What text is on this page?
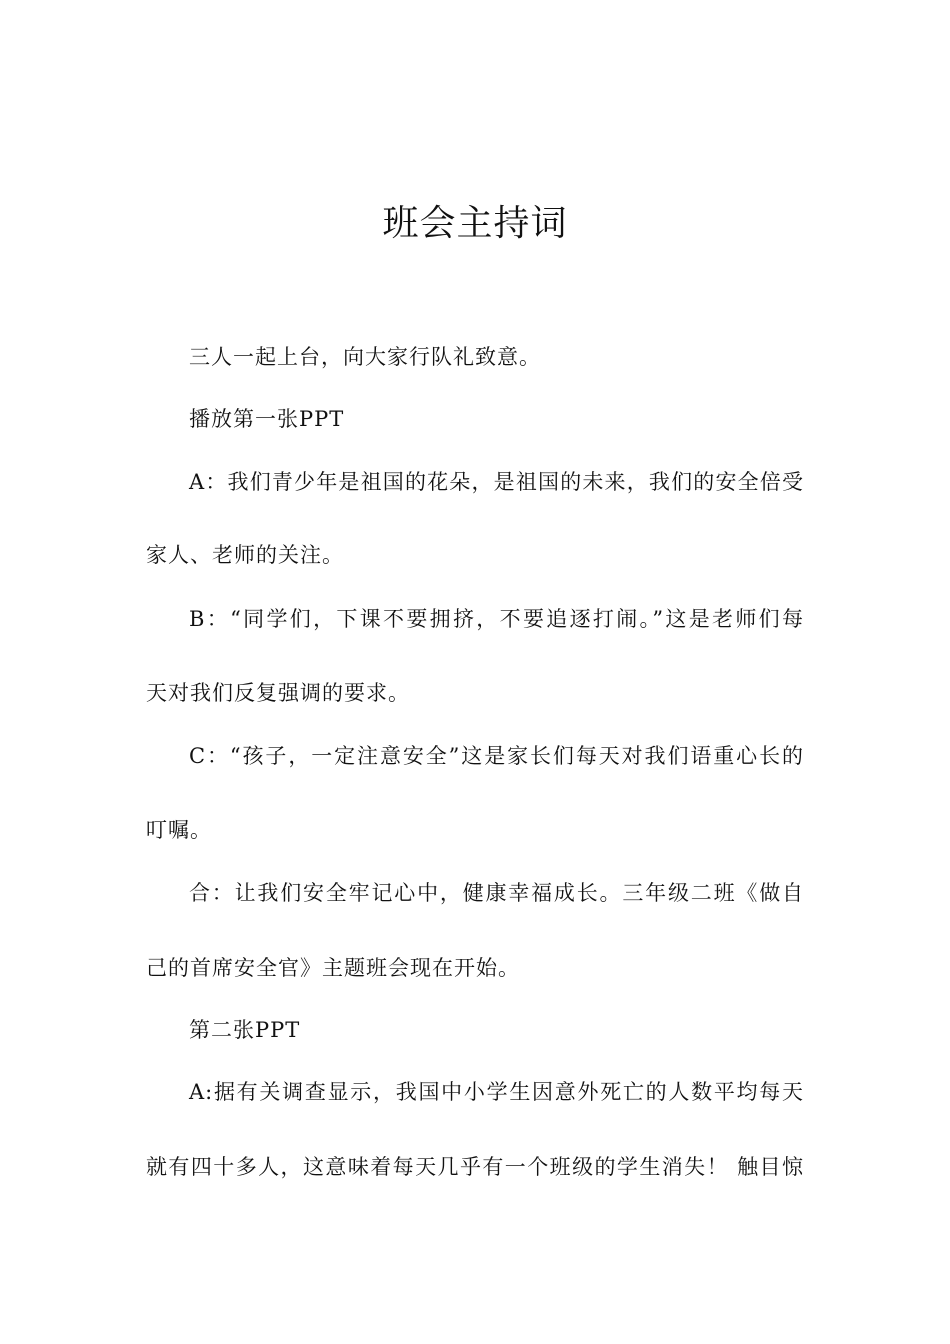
班会主持词
三人一起上台，向大家行队礼致意。
播放第一张PPT
A：我们青少年是祖国的花朵，是祖国的未来，我们的安全倍受
家人、老师的关注。
B：“同学们，下课不要拥挤，不要追逐打闹。”这是老师们每
天对我们反复强调的要求。
C：“孩子，一定注意安全”这是家长们每天对我们语重心长的
叮嘱。
合：让我们安全牢记心中，健康幸福成长。三年级二班《做自
己的首席安全官》主题班会现在开始。
第二张PPT
A:据有关调查显示，我国中小学生因意外死亡的人数平均每天
就有四十多人，这意味着每天几乎有一个班级的学生消失！ 触目惊
